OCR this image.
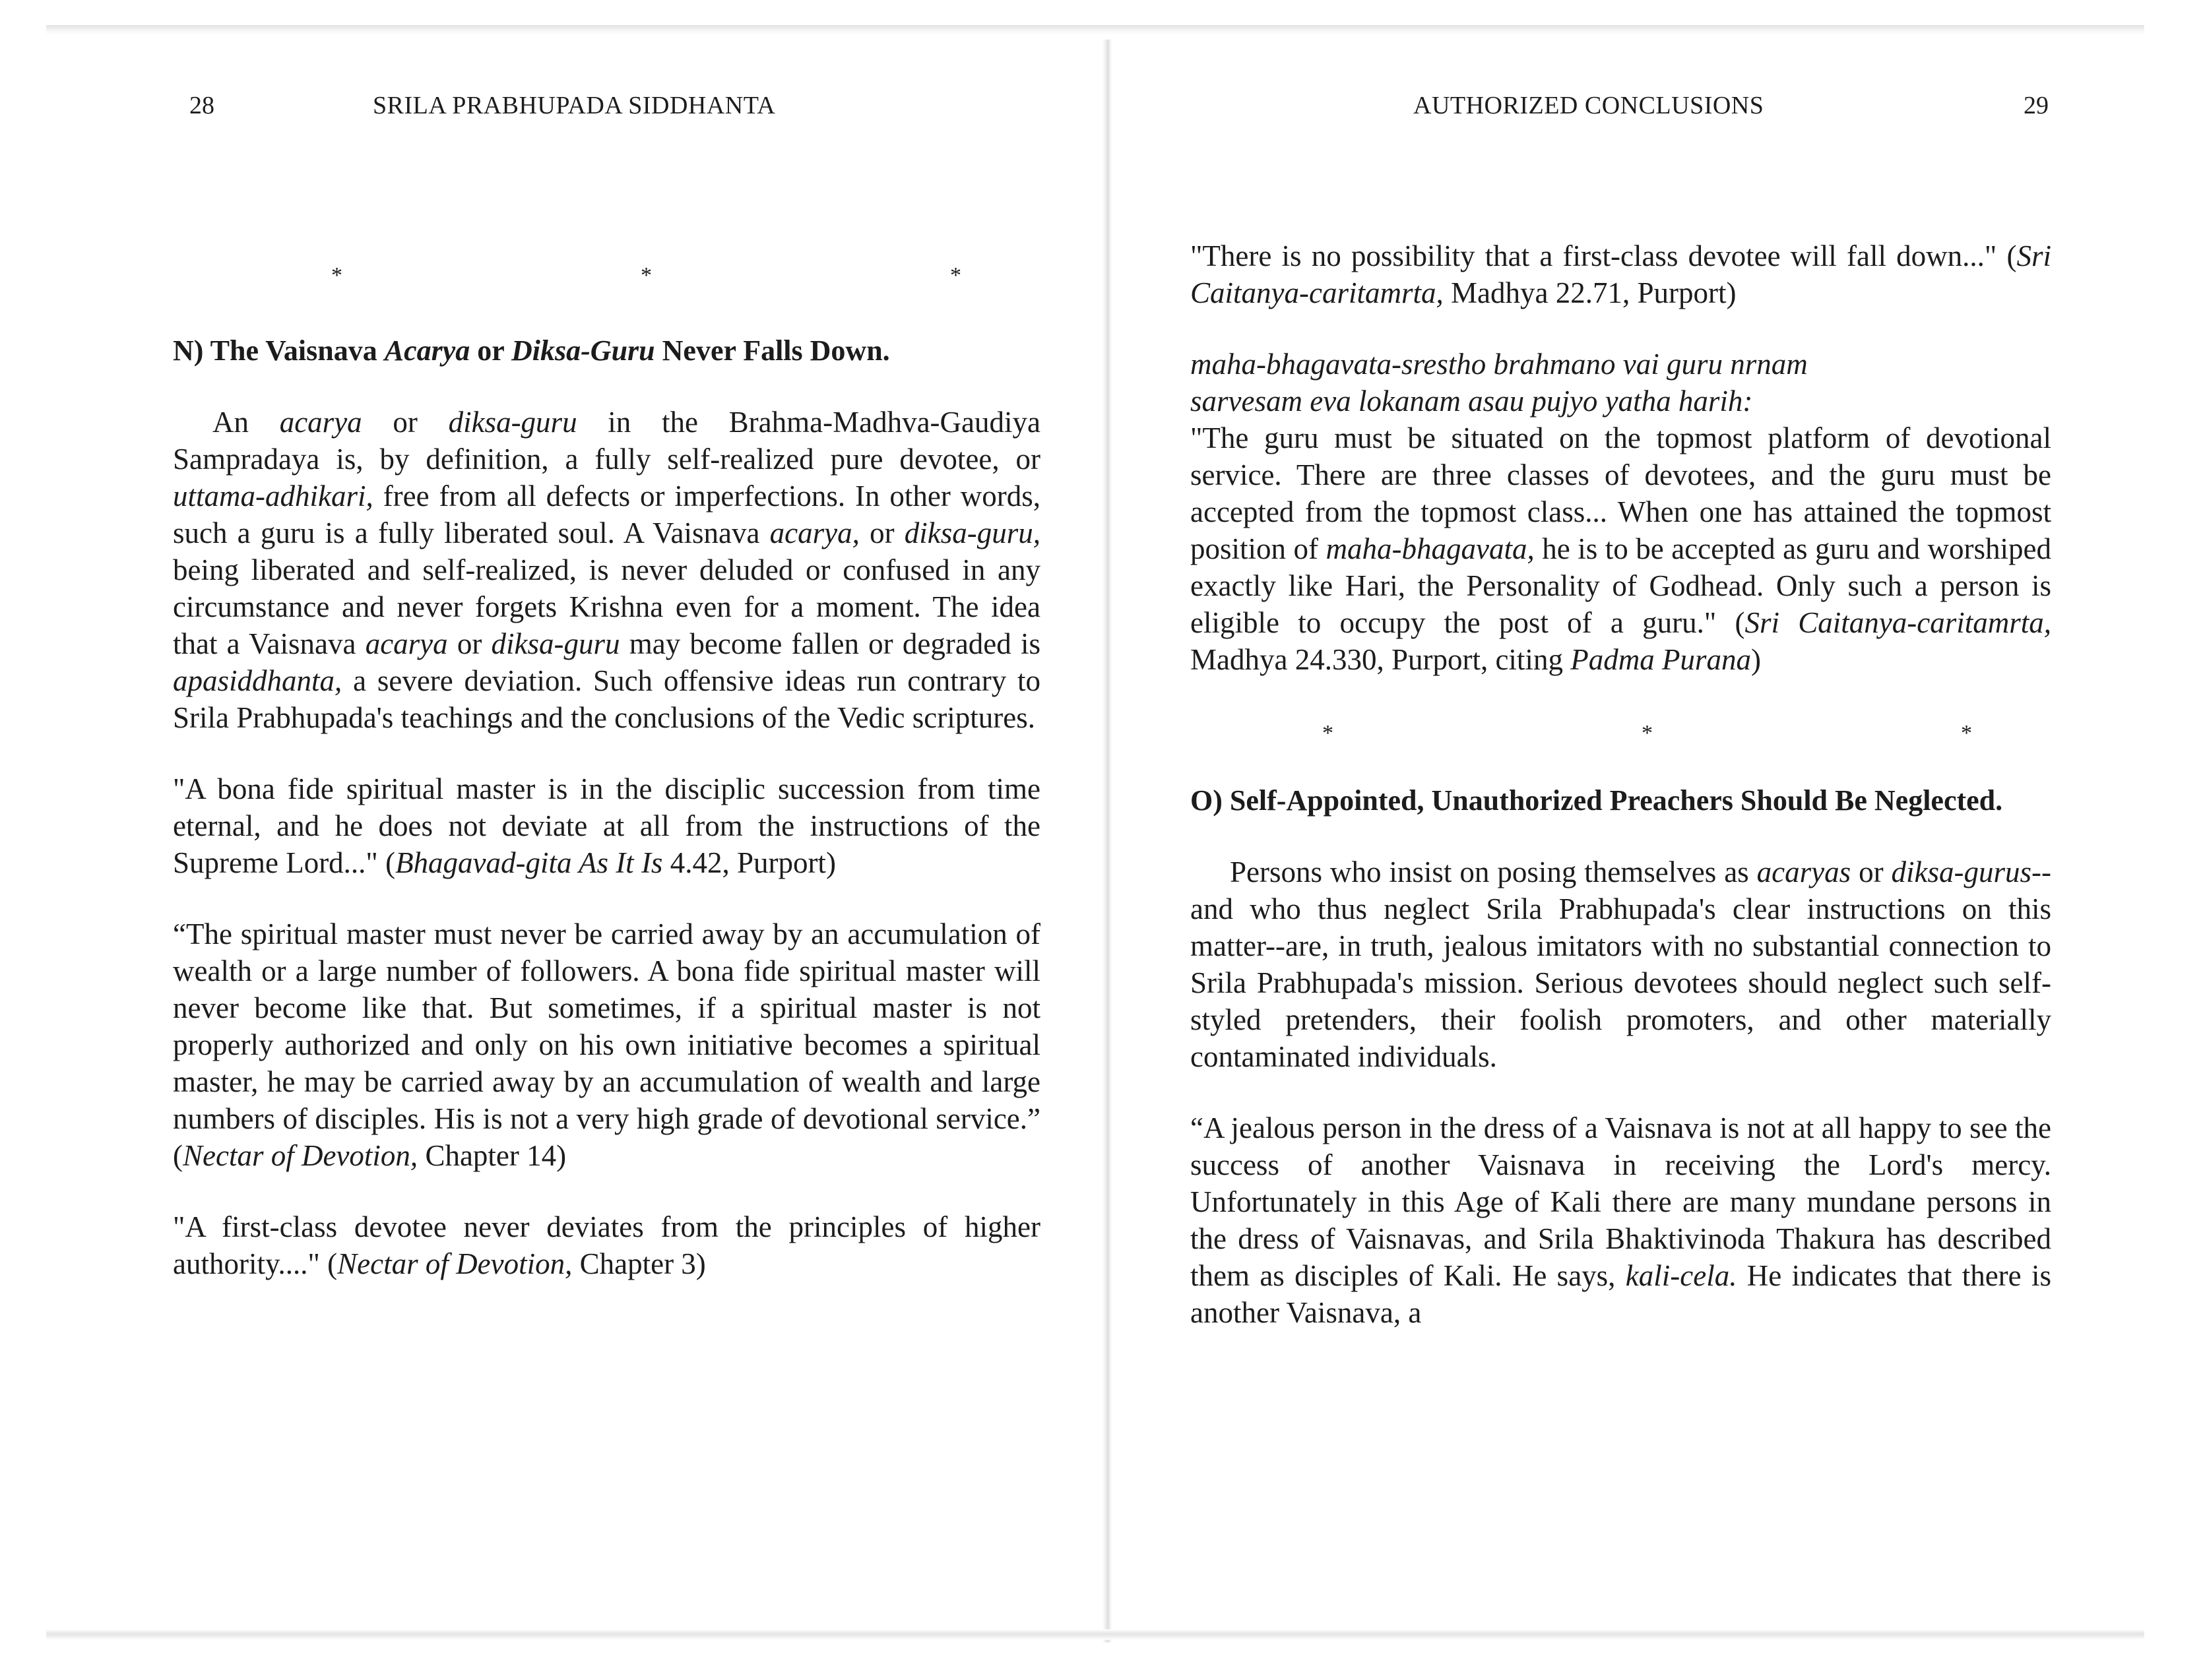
28	SRILA PRABHUPADA SIDDHANTA
*	*	*

N) The Vaisnava Acarya or Diksa-Guru Never Falls Down.

An acarya or diksa-guru in the Brahma-Madhva-Gaudiya Sampradaya is, by definition, a fully self-realized pure devotee, or uttama-adhikari, free from all defects or imperfections. In other words, such a guru is a fully liberated soul. A Vaisnava acarya, or diksa-guru, being liberated and self-realized, is never deluded or confused in any circumstance and never forgets Krishna even for a moment. The idea that a Vaisnava acarya or diksa-guru may become fallen or degraded is apasiddhanta, a severe deviation. Such offensive ideas run contrary to Srila Prabhupada's teachings and the conclusions of the Vedic scriptures.

"A bona fide spiritual master is in the disciplic succession from time eternal, and he does not deviate at all from the instructions of the Supreme Lord..." (Bhagavad-gita As It Is 4.42, Purport)

“The spiritual master must never be carried away by an accumulation of wealth or a large number of followers. A bona fide spiritual master will never become like that. But sometimes, if a spiritual master is not properly authorized and only on his own initiative becomes a spiritual master, he may be carried away by an accumulation of wealth and large numbers of disciples. His is not a very high grade of devotional service.” (Nectar of Devotion, Chapter 14)

"A first-class devotee never deviates from the principles of higher authority...." (Nectar of Devotion, Chapter 3)

AUTHORIZED CONCLUSIONS	29

"There is no possibility that a first-class devotee will fall down..." (Sri Caitanya-caritamrta, Madhya 22.71, Purport)

maha-bhagavata-srestho brahmano vai guru nrnam

sarvesam eva lokanam asau pujyo yatha harih:

"The guru must be situated on the topmost platform of devotional service. There are three classes of devotees, and the guru must be accepted from the topmost class... When one has attained the topmost position of maha-bhagavata, he is to be accepted as guru and worshiped exactly like Hari, the Personality of Godhead. Only such a person is eligible to occupy the post of a guru." (Sri Caitanya-caritamrta, Madhya 24.330, Purport, citing Padma Purana)

*	*	*

O) Self-Appointed, Unauthorized Preachers Should Be Neglected.

Persons who insist on posing themselves as acaryas or diksa-gurus--and who thus neglect Srila Prabhupada's clear instructions on this matter--are, in truth, jealous imitators with no substantial connection to Srila Prabhupada's mission. Serious devotees should neglect such self-styled pretenders, their foolish promoters, and other materially contaminated individuals.

“A jealous person in the dress of a Vaisnava is not at all happy to see the success of another Vaisnava in receiving the Lord's mercy. Unfortunately in this Age of Kali there are many mundane persons in the dress of Vaisnavas, and Srila Bhaktivinoda Thakura has described them as disciples of Kali. He says, kali-cela. He indicates that there is another Vaisnava, a
